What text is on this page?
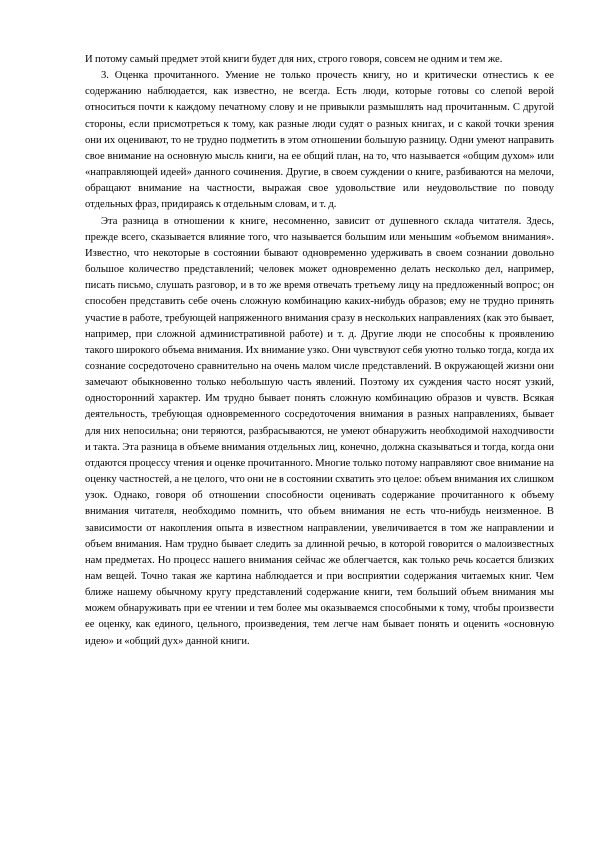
И потому самый предмет этой книги будет для них, строго говоря, совсем не одним и тем же.

3. Оценка прочитанного. Умение не только прочесть книгу, но и критически отнестись к ее содержанию наблюдается, как известно, не всегда. Есть люди, которые готовы со слепой верой относиться почти к каждому печатному слову и не привыкли размышлять над прочитанным. С другой стороны, если присмотреться к тому, как разные люди судят о разных книгах, и с какой точки зрения они их оценивают, то не трудно подметить в этом отношении большую разницу. Одни умеют направить свое внимание на основную мысль книги, на ее общий план, на то, что называется «общим духом» или «направляющей идеей» данного сочинения. Другие, в своем суждении о книге, разбиваются на мелочи, обращают внимание на частности, выражая свое удовольствие или неудовольствие по поводу отдельных фраз, придираясь к отдельным словам, и т. д.

Эта разница в отношении к книге, несомненно, зависит от душевного склада читателя. Здесь, прежде всего, сказывается влияние того, что называется большим или меньшим «объемом внимания». Известно, что некоторые в состоянии бывают одновременно удерживать в своем сознании довольно большое количество представлений; человек может одновременно делать несколько дел, например, писать письмо, слушать разговор, и в то же время отвечать третьему лицу на предложенный вопрос; он способен представить себе очень сложную комбинацию каких-нибудь образов; ему не трудно принять участие в работе, требующей напряженного внимания сразу в нескольких направлениях (как это бывает, например, при сложной административной работе) и т. д. Другие люди не способны к проявлению такого широкого объема внимания. Их внимание узко. Они чувствуют себя уютно только тогда, когда их сознание сосредоточено сравнительно на очень малом числе представлений. В окружающей жизни они замечают обыкновенно только небольшую часть явлений. Поэтому их суждения часто носят узкий, односторонний характер. Им трудно бывает понять сложную комбинацию образов и чувств. Всякая деятельность, требующая одновременного сосредоточения внимания в разных направлениях, бывает для них непосильна; они теряются, разбрасываются, не умеют обнаружить необходимой находчивости и такта. Эта разница в объеме внимания отдельных лиц, конечно, должна сказываться и тогда, когда они отдаются процессу чтения и оценке прочитанного. Многие только потому направляют свое внимание на оценку частностей, а не целого, что они не в состоянии схватить это целое: объем внимания их слишком узок. Однако, говоря об отношении способности оценивать содержание прочитанного к объему внимания читателя, необходимо помнить, что объем внимания не есть что-нибудь неизменное. В зависимости от накопления опыта в известном направлении, увеличивается в том же направлении и объем внимания. Нам трудно бывает следить за длинной речью, в которой говорится о малоизвестных нам предметах. Но процесс нашего внимания сейчас же облегчается, как только речь косается близких нам вещей. Точно такая же картина наблюдается и при восприятии содержания читаемых книг. Чем ближе нашему обычному кругу представлений содержание книги, тем больший объем внимания мы можем обнаруживать при ее чтении и тем более мы оказываемся способными к тому, чтобы произвести ее оценку, как единого, цельного, произведения, тем легче нам бывает понять и оценить «основную идею» и «общий дух» данной книги.
